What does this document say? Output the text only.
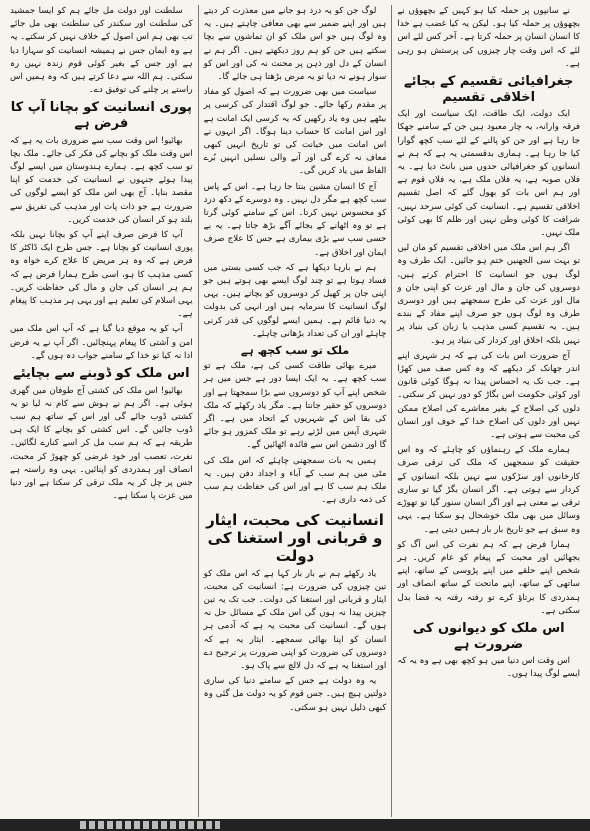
نے سانپوں پر حملہ کیا ہو کہیں کے بچھوؤں نے بچھوؤں پر حملہ کیا ہو۔ لیکن یہ کیا غضب ہے خدا کا انسان انسان پر حملہ کرتا ہے۔ آخر کس لئے اس لئے کہ اس وقت چار چیزوں کی پرستش ہو رہی ہے۔

جغرافیائی تقسیم کے بجائے اخلاقی تقسیم

ایک دولت، ایک طاقت، ایک سیاست اور ایک فرقہ وارانہ، یہ چار معبود ہیں جن کے سامنے جھکا جا رہا ہے اور جن کو پالنے کے لئے سب کچھ گوارا کیا جا رہا ہے۔ ہماری بدقسمتی یہ ہے کہ ہم نے انسانوں کو جغرافیائی حدوں میں بانٹ دیا ہے۔ یہ فلاں صوبہ ہے، یہ فلاں ملک ہے، یہ فلاں قوم ہے اور ہم اس بات کو بھول گئے کہ اصل تقسیم اخلاقی تقسیم ہے۔ انسانیت کی کوئی سرحد نہیں، شرافت کا کوئی وطن نہیں اور ظلم کا بھی کوئی ملک نہیں۔

اگر ہم اس ملک میں اخلاقی تقسیم کو مان لیں تو بہت سی الجھنیں ختم ہو جائیں۔ ایک طرف وہ لوگ ہوں جو انسانیت کا احترام کرتے ہیں، دوسروں کی جان و مال اور عزت کو اپنی جان و مال اور عزت کی طرح سمجھتے ہیں اور دوسری طرف وہ لوگ ہوں جو صرف اپنے مفاد کے بندے ہیں۔ یہ تقسیم کسی مذہب یا زبان کی بنیاد پر نہیں بلکہ اخلاق اور کردار کی بنیاد پر ہو۔

آج ضرورت اس بات کی ہے کہ ہر شہری اپنے اندر جھانک کر دیکھے کہ وہ کس صف میں کھڑا ہے۔ جب تک یہ احساس پیدا نہ ہوگا کوئی قانون اور کوئی حکومت اس بگاڑ کو دور نہیں کر سکتی۔ دلوں کی اصلاح کے بغیر معاشرے کی اصلاح ممکن نہیں اور دلوں کی اصلاح خدا کے خوف اور انسان کی محبت سے ہوتی ہے۔

ہمارے ملک کے رہنماؤں کو چاہئے کہ وہ اس حقیقت کو سمجھیں کہ ملک کی ترقی صرف کارخانوں اور سڑکوں سے نہیں بلکہ انسانوں کے کردار سے ہوتی ہے۔ اگر انسان بگڑ گیا تو ساری ترقی بے معنی ہے اور اگر انسان سنور گیا تو تھوڑے وسائل میں بھی ملک خوشحال ہو سکتا ہے۔ یہی وہ سبق ہے جو تاریخ بار بار ہمیں دیتی ہے۔

ہمارا فرض ہے کہ ہم نفرت کی اس آگ کو بجھائیں اور محبت کے پیغام کو عام کریں۔ ہر شخص اپنے حلقے میں اپنے پڑوسی کے ساتھ، اپنے ساتھی کے ساتھ، اپنے ماتحت کے ساتھ انصاف اور ہمدردی کا برتاؤ کرے تو رفتہ رفتہ یہ فضا بدل سکتی ہے۔

اس ملک کو دیوانوں کی ضرورت ہے

اس وقت اس دنیا میں ہو کچھ بھی ہے وہ یہ کہ ایسے لوگ پیدا ہوں۔

لوگ جن کو یہ درد ہو جانے میں معذرت کر دیتے ہیں اور اپنے ضمیر سے بھی معافی چاہتے ہیں۔ یہ وہ لوگ ہیں جو اس ملک کو ان تماشوں سے بچا سکتے ہیں جن کو ہم روز دیکھتے ہیں۔ اگر ہم نے انسان کے دل اور ذہن پر محنت نہ کی اور اس کو سوار ہونے نہ دیا تو یہ مرض بڑھتا ہی جائے گا۔

سیاست میں بھی ضرورت ہے کہ اصول کو مفاد پر مقدم رکھا جائے۔ جو لوگ اقتدار کی کرسی پر بیٹھے ہیں وہ یاد رکھیں کہ یہ کرسی ایک امانت ہے اور اس امانت کا حساب دینا ہوگا۔ اگر انہوں نے اس امانت میں خیانت کی تو تاریخ انہیں کبھی معاف نہ کرے گی اور آنے والی نسلیں انہیں بُرے الفاظ میں یاد کریں گی۔

آج کا انسان مشین بنتا جا رہا ہے۔ اس کے پاس سب کچھ ہے مگر دل نہیں۔ وہ دوسرے کے دکھ درد کو محسوس نہیں کرتا۔ اس کے سامنے کوئی گرتا ہے تو وہ اٹھانے کے بجائے آگے بڑھ جاتا ہے۔ یہ بے حسی سب سے بڑی بیماری ہے جس کا علاج صرف ایمان اور اخلاق ہے۔

ہم نے بارہا دیکھا ہے کہ جب کسی بستی میں فساد ہوتا ہے تو چند لوگ ایسے بھی ہوتے ہیں جو اپنی جان پر کھیل کر دوسروں کو بچاتے ہیں۔ یہی لوگ انسانیت کا سرمایہ ہیں اور انہی کی بدولت یہ دنیا قائم ہے۔ ہمیں ایسے لوگوں کی قدر کرنی چاہئے اور ان کی تعداد بڑھانی چاہئے۔

ملک تو سب کچھ ہے

میرے بھائی طاقت کسی کی ہے، ملک ہے تو سب کچھ ہے۔ یہ ایک ایسا دور ہے جس میں ہر شخص اپنے آپ کو دوسروں سے بڑا سمجھتا ہے اور دوسروں کو حقیر جانتا ہے۔ مگر یاد رکھئے کہ ملک کی بقا اس کے شہریوں کے اتحاد میں ہے۔ اگر شہری آپس میں لڑتے رہے تو ملک کمزور ہو جائے گا اور دشمن اس سے فائدہ اٹھائیں گے۔

ہمیں یہ بات سمجھنی چاہئے کہ اس ملک کی مٹی میں ہم سب کے آباء و اجداد دفن ہیں۔ یہ ملک ہم سب کا ہے اور اس کی حفاظت ہم سب کی ذمہ داری ہے۔

انسانیت کی محبت، ایثار و قربانی اور استغنا کی دولت

یاد رکھئے ہم نے بار بار کہا ہے کہ اس ملک کو تین چیزوں کی ضرورت ہے: انسانیت کی محبت، ایثار و قربانی اور استغنا کی دولت۔ جب تک یہ تین چیزیں پیدا نہ ہوں گی اس ملک کے مسائل حل نہ ہوں گے۔ انسانیت کی محبت یہ ہے کہ آدمی ہر انسان کو اپنا بھائی سمجھے۔ ایثار یہ ہے کہ دوسروں کی ضرورت کو اپنی ضرورت پر ترجیح دے اور استغنا یہ ہے کہ دل لالچ سے پاک ہو۔

یہ وہ دولت ہے جس کے سامنے دنیا کی ساری دولتیں ہیچ ہیں۔ جس قوم کو یہ دولت مل گئی وہ کبھی ذلیل نہیں ہو سکتی۔

سلطنت اور دولت مل جائے ہم کو ایسا جمشید کی سلطنت اور سکندر کی سلطنت بھی مل جائے تب بھی ہم اس اصول کے خلاف نہیں کر سکتے۔ یہ ہے وہ ایمان جس نے ہمیشہ انسانیت کو سہارا دیا ہے اور جس کے بغیر کوئی قوم زندہ نہیں رہ سکتی۔ ہم اللہ سے دعا کرتے ہیں کہ وہ ہمیں اس راستے پر چلنے کی توفیق دے۔

پوری انسانیت کو بچانا آپ کا فرض ہے

بھائیو! اس وقت سب سے ضروری بات یہ ہے کہ اس وقت ملک کو بچانے کی فکر کی جائے۔ ملک بچا تو سب کچھ ہے۔ ہمارے ہندوستان میں ایسے لوگ پیدا ہوئے جنہوں نے انسانیت کی خدمت کو اپنا مقصد بنایا۔ آج بھی اس ملک کو ایسے لوگوں کی ضرورت ہے جو ذات پات اور مذہب کی تفریق سے بلند ہو کر انسان کی خدمت کریں۔

آپ کا فرض صرف اپنے آپ کو بچانا نہیں بلکہ پوری انسانیت کو بچانا ہے۔ جس طرح ایک ڈاکٹر کا فرض ہے کہ وہ ہر مریض کا علاج کرے خواہ وہ کسی مذہب کا ہو، اسی طرح ہمارا فرض ہے کہ ہم ہر انسان کی جان و مال کی حفاظت کریں۔ یہی اسلام کی تعلیم ہے اور یہی ہر مذہب کا پیغام ہے۔

آپ کو یہ موقع دیا گیا ہے کہ آپ اس ملک میں امن و آشتی کا پیغام پہنچائیں۔ اگر آپ نے یہ فرض ادا نہ کیا تو خدا کے سامنے جواب دہ ہوں گے۔

اس ملک کو ڈوبنے سے بچایئے

بھائیو! اس ملک کی کشتی آج طوفان میں گھری ہوئی ہے۔ اگر ہم نے ہوش سے کام نہ لیا تو یہ کشتی ڈوب جائے گی اور اس کے ساتھ ہم سب ڈوب جائیں گے۔ اس کشتی کو بچانے کا ایک ہی طریقہ ہے کہ ہم سب مل کر اسے کنارے لگائیں۔ نفرت، تعصب اور خود غرضی کو چھوڑ کر محبت، انصاف اور ہمدردی کو اپنائیں۔ یہی وہ راستہ ہے جس پر چل کر یہ ملک ترقی کر سکتا ہے اور دنیا میں عزت پا سکتا ہے۔
